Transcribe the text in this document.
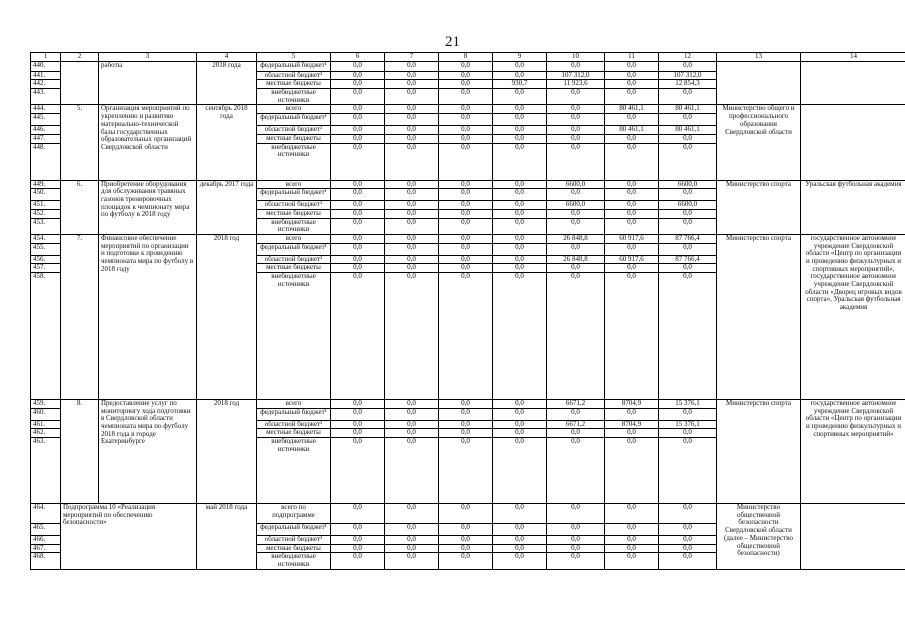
21
1	2	3	4	5	6	7	8	9	10	11	12	13	14
440.		работы	2018 года	федеральный бюджет¹	0,0	0,0	0,0	0,0	0,0	0,0	0,0		
441.				областной бюджет²	0,0	0,0	0,0	0,0	107 312,0	0,0	107 312,0		
442.				местные бюджеты	0,0	0,0	0,0	930,7	11 923,6	0,0	12 854,3		
443.				внебюджетные источники	0,0	0,0	0,0	0,0	0,0	0,0	0,0		
444.	5.	Организация мероприятий по укреплению и развитию материально-технической базы государственных образовательных организаций Свердловской области	сентябрь 2018 года	всего	0,0	0,0	0,0	0,0	0,0	80 461,1	80 461,1	Министерство общего и профессионального образования Свердловской области	
445.				федеральный бюджет¹	0,0	0,0	0,0	0,0	0,0	0,0	0,0		
446.				областной бюджет²	0,0	0,0	0,0	0,0	0,0	80 461,1	80 461,1		
447.				местные бюджеты	0,0	0,0	0,0	0,0	0,0	0,0	0,0		
448.				внебюджетные источники	0,0	0,0	0,0	0,0	0,0	0,0	0,0		
449.	6.	Приобретение оборудования для обслуживания травяных газонов тренировочных площадок к чемпионату мира по футболу в 2018 году	декабрь 2017 года	всего	0,0	0,0	0,0	0,0	6600,0	0,0	6600,0	Министерство спорта	Уральская футбольная академия
450.				федеральный бюджет¹	0,0	0,0	0,0	0,0	0,0	0,0	0,0		
451.				областной бюджет²	0,0	0,0	0,0	0,0	6600,0	0,0	6600,0		
452.				местные бюджеты	0,0	0,0	0,0	0,0	0,0	0,0	0,0		
453.				внебюджетные источники	0,0	0,0	0,0	0,0	0,0	0,0	0,0		
454.	7.	Финансовое обеспечение мероприятий по организации и подготовке к проведению чемпионата мира по футболу в 2018 году	2018 год	всего	0,0	0,0	0,0	0,0	26 848,8	60 917,6	87 766,4	Министерство спорта	государственное автономное учреждение Свердловской области «Центр по организации и проведению физкультурных и спортивных мероприятий», государственное автономное учреждение Свердловской области «Дворец игровых видов спорта», Уральская футбольная академия
455.				федеральный бюджет¹	0,0	0,0	0,0	0,0	0,0	0,0	0,0		
456.				областной бюджет²	0,0	0,0	0,0	0,0	26 848,8	60 917,6	87 766,4		
457.				местные бюджеты	0,0	0,0	0,0	0,0	0,0	0,0	0,0		
458.				внебюджетные источники	0,0	0,0	0,0	0,0	0,0	0,0	0,0		
459.	8.	Предоставление услуг по мониторингу хода подготовки в Свердловской области чемпионата мира по футболу 2018 года в городе Екатеринбурге	2018 год	всего	0,0	0,0	0,0	0,0	6671,2	8704,9	15 376,1	Министерство спорта	государственное автономное учреждение Свердловской области «Центр по организации и проведению физкультурных и спортивных мероприятий»
460.				федеральный бюджет¹	0,0	0,0	0,0	0,0	0,0	0,0	0,0		
461.				областной бюджет²	0,0	0,0	0,0	0,0	6671,2	8704,9	15 376,1		
462.				местные бюджеты	0,0	0,0	0,0	0,0	0,0	0,0	0,0		
463.				внебюджетные источники	0,0	0,0	0,0	0,0	0,0	0,0	0,0		
464.	Подпрограмма 10 «Реализация мероприятий по обеспечению безопасности»		май 2018 года	всего по подпрограмме	0,0	0,0	0,0	0,0	0,0	0,0	0,0	Министерство общественной безопасности Свердловской области (далее – Министерство общественной безопасности)	
465.				федеральный бюджет¹	0,0	0,0	0,0	0,0	0,0	0,0	0,0		
466.				областной бюджет²	0,0	0,0	0,0	0,0	0,0	0,0	0,0		
467.				местные бюджеты	0,0	0,0	0,0	0,0	0,0	0,0	0,0		
468.				внебюджетные источники	0,0	0,0	0,0	0,0	0,0	0,0	0,0		
